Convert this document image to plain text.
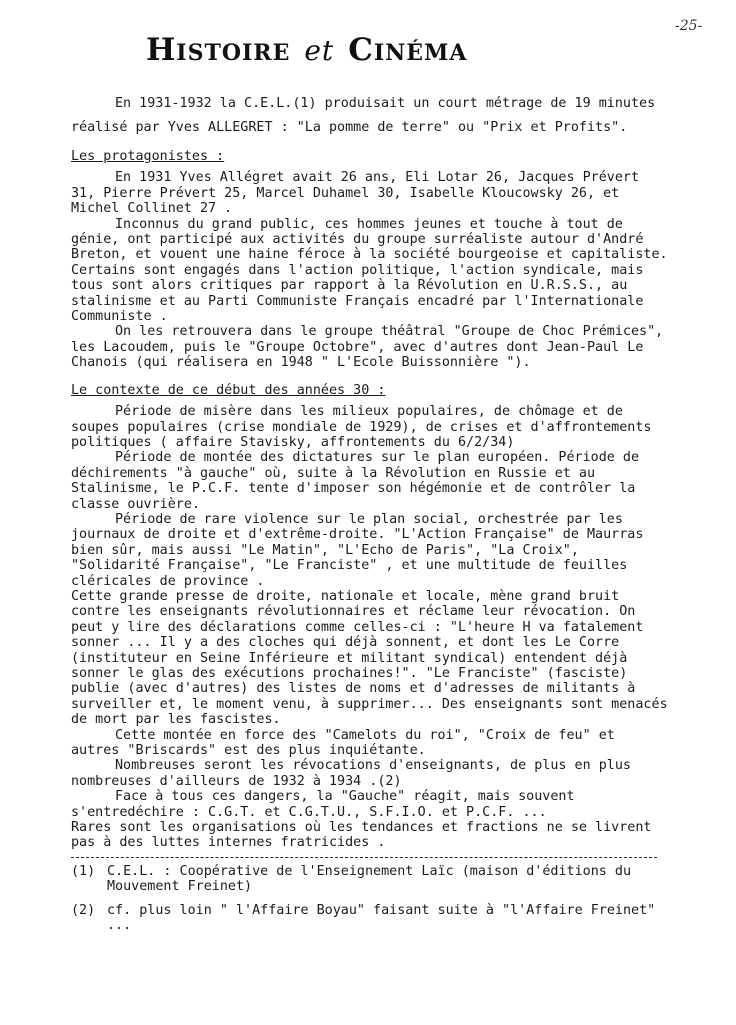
-25-
Histoire et Cinéma

En 1931-1932 la C.E.L.(1) produisait un court métrage de 19 minutes réalisé par Yves ALLEGRET : "La pomme de terre" ou "Prix et Profits".

Les protagonistes :

En 1931 Yves Allégret avait 26 ans, Eli Lotar 26, Jacques Prévert 31, Pierre Prévert 25, Marcel Duhamel 30, Isabelle Kloucowsky 26, et Michel Collinet 27 .

Inconnus du grand public, ces hommes jeunes et touche à tout de génie, ont participé aux activités du groupe surréaliste autour d'André Breton, et vouent une haine féroce à la société bourgeoise et capitaliste. Certains sont engagés dans l'action politique, l'action syndicale, mais tous sont alors critiques par rapport à la Révolution en U.R.S.S., au stalinisme et au Parti Communiste Français encadré par l'Internationale Communiste .

On les retrouvera dans le groupe théâtral "Groupe de Choc Prémices", les Lacoudem, puis le "Groupe Octobre", avec d'autres dont Jean-Paul Le Chanois (qui réalisera en 1948 " L'Ecole Buissonnière ").

Le contexte de ce début des années 30 :

Période de misère dans les milieux populaires, de chômage et de soupes populaires (crise mondiale de 1929), de crises et d'affrontements politiques ( affaire Stavisky, affrontements du 6/2/34)

Période de montée des dictatures sur le plan européen. Période de déchirements "à gauche" où, suite à la Révolution en Russie et au Stalinisme, le P.C.F. tente d'imposer son hégémonie et de contrôler la classe ouvrière.

Période de rare violence sur le plan social, orchestrée par les journaux de droite et d'extrême-droite. "L'Action Française" de Maurras bien sûr, mais aussi "Le Matin", "L'Echo de Paris", "La Croix", "Solidarité Française", "Le Franciste" , et une multitude de feuilles cléricales de province .

Cette grande presse de droite, nationale et locale, mène grand bruit contre les enseignants révolutionnaires et réclame leur révocation. On peut y lire des déclarations comme celles-ci : "L'heure H va fatalement sonner ... Il y a des cloches qui déjà sonnent, et dont les Le Corre (instituteur en Seine Inférieure et militant syndical) entendent déjà sonner le glas des exécutions prochaines!". "Le Franciste" (fasciste) publie (avec d'autres) des listes de noms et d'adresses de militants à surveiller et, le moment venu, à supprimer... Des enseignants sont menacés de mort par les fascistes.

Cette montée en force des "Camelots du roi", "Croix de feu" et autres "Briscards" est des plus inquiétante.

Nombreuses seront les révocations d'enseignants, de plus en plus nombreuses d'ailleurs de 1932 à 1934 .(2)

Face à tous ces dangers, la "Gauche" réagit, mais souvent s'entredéchire : C.G.T. et C.G.T.U., S.F.I.O. et P.C.F. ...

Rares sont les organisations où les tendances et fractions ne se livrent pas à des luttes internes fratricides .

(1) C.E.L. : Coopérative de l'Enseignement Laïc (maison d'éditions du Mouvement Freinet)
(2) cf. plus loin " l'Affaire Boyau" faisant suite à "l'Affaire Freinet" ...
